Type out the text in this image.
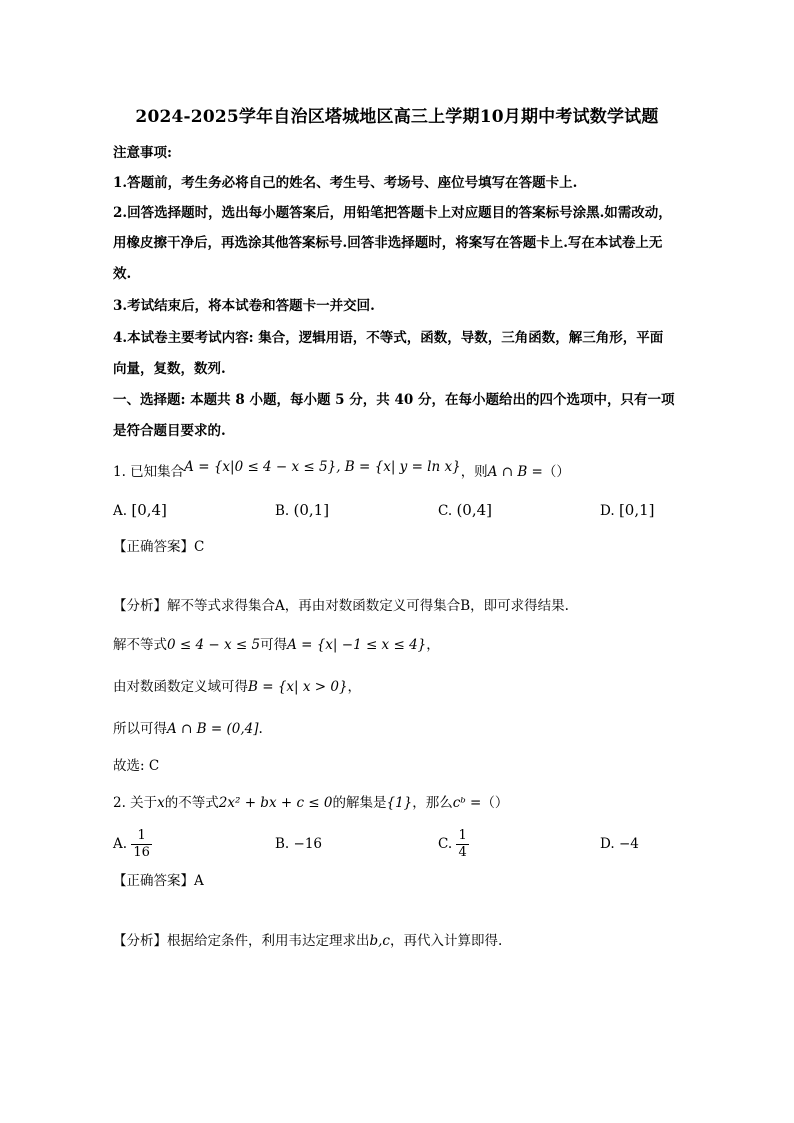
2024-2025学年自治区塔城地区高三上学期10月期中考试数学试题
注意事项:
1.答题前，考生务必将自己的姓名、考生号、考场号、座位号填写在答题卡上.
2.回答选择题时，选出每小题答案后，用铅笔把答题卡上对应题目的答案标号涂黑.如需改动，
用橡皮擦干净后，再选涂其他答案标号.回答非选择题时，将案写在答题卡上.写在本试卷上无
效.
3.考试结束后，将本试卷和答题卡一并交回.
4.本试卷主要考试内容: 集合，逻辑用语，不等式，函数，导数，三角函数，解三角形，平面
向量，复数，数列.
一、选择题: 本题共 8 小题，每小题 5 分，共 40 分，在每小题给出的四个选项中，只有一项
是符合题目要求的.
1. 已知集合A = {x|0 ≤ 4 − x ≤ 5}, B = {x| y = ln x}，则A ∩ B =（）
A. [0,4]	B. (0,1]	C. (0,4]	D. [0,1]
【正确答案】C
【分析】解不等式求得集合A，再由对数函数定义可得集合B，即可求得结果.
解不等式0 ≤ 4 − x ≤ 5可得A = {x| −1 ≤ x ≤ 4}，
由对数函数定义域可得B = {x| x > 0}，
所以可得A ∩ B = (0,4].
故选: C
2. 关于x的不等式2x² + bx + c ≤ 0的解集是{1}，那么cᵇ =（）
A. $\frac{1}{16}$	B. −16	C. $\frac{1}{4}$	D. −4
【正确答案】A
【分析】根据给定条件，利用韦达定理求出b,c，再代入计算即得.
